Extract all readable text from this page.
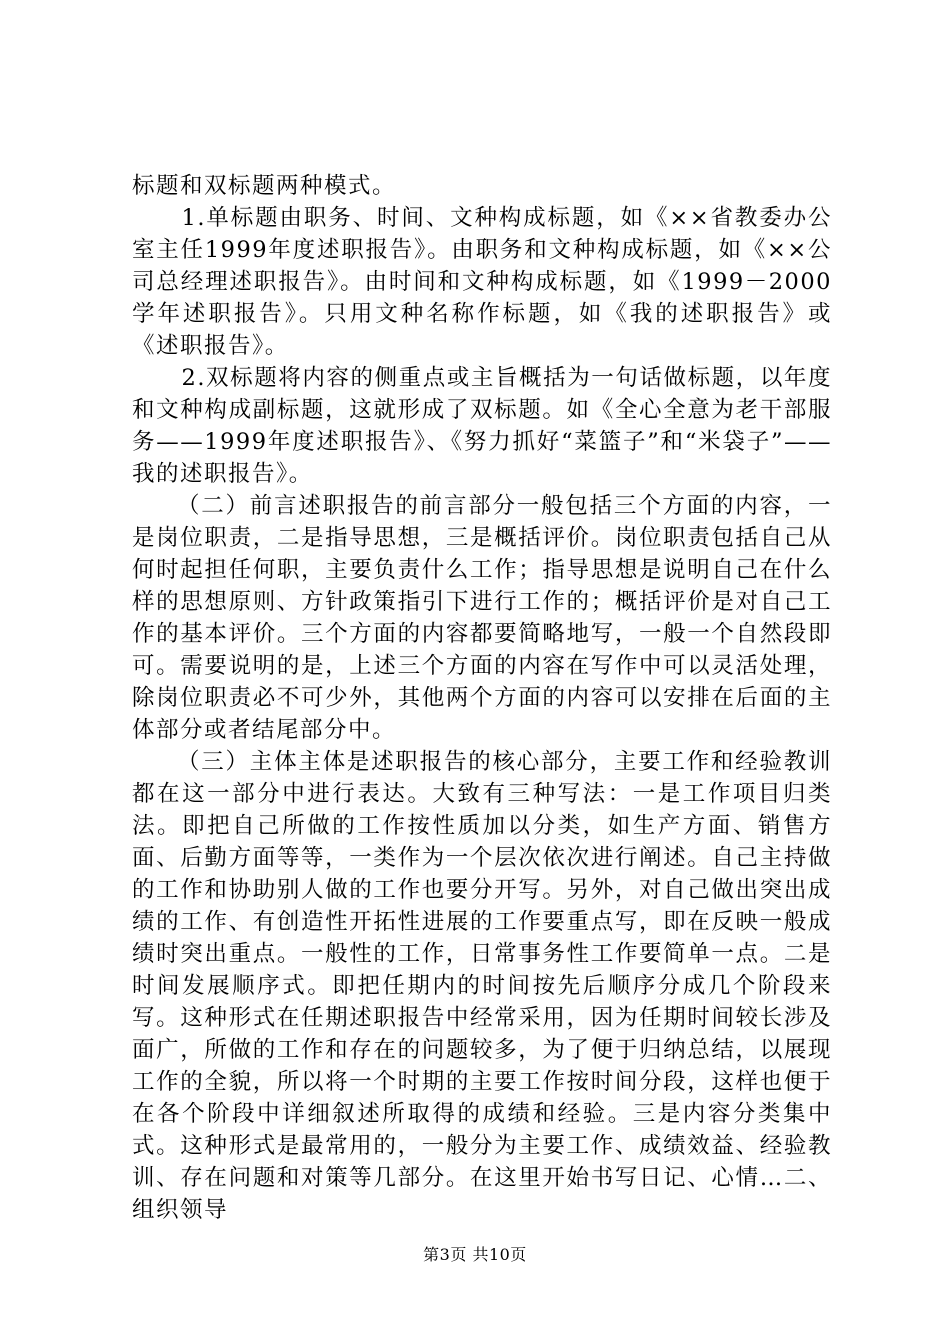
标题和双标题两种模式。

1.单标题由职务、时间、文种构成标题，如《××省教委办公室主任1999年度述职报告》。由职务和文种构成标题，如《××公司总经理述职报告》。由时间和文种构成标题，如《1999－2000学年述职报告》。只用文种名称作标题，如《我的述职报告》或《述职报告》。

2.双标题将内容的侧重点或主旨概括为一句话做标题，以年度和文种构成副标题，这就形成了双标题。如《全心全意为老干部服务——1999年度述职报告》、《努力抓好“菜篮子”和“米袋子”——我的述职报告》。

（二）前言述职报告的前言部分一般包括三个方面的内容，一是岗位职责，二是指导思想，三是概括评价。岗位职责包括自己从何时起担任何职，主要负责什么工作；指导思想是说明自己在什么样的思想原则、方针政策指引下进行工作的；概括评价是对自己工作的基本评价。三个方面的内容都要简略地写，一般一个自然段即可。需要说明的是，上述三个方面的内容在写作中可以灵活处理，除岗位职责必不可少外，其他两个方面的内容可以安排在后面的主体部分或者结尾部分中。

（三）主体主体是述职报告的核心部分，主要工作和经验教训都在这一部分中进行表达。大致有三种写法：一是工作项目归类法。即把自己所做的工作按性质加以分类，如生产方面、销售方面、后勤方面等等，一类作为一个层次依次进行阐述。自己主持做的工作和协助别人做的工作也要分开写。另外，对自己做出突出成绩的工作、有创造性开拓性进展的工作要重点写，即在反映一般成绩时突出重点。一般性的工作，日常事务性工作要简单一点。二是时间发展顺序式。即把任期内的时间按先后顺序分成几个阶段来写。这种形式在任期述职报告中经常采用，因为任期时间较长涉及面广，所做的工作和存在的问题较多，为了便于归纳总结，以展现工作的全貌，所以将一个时期的主要工作按时间分段，这样也便于在各个阶段中详细叙述所取得的成绩和经验。三是内容分类集中式。这种形式是最常用的，一般分为主要工作、成绩效益、经验教训、存在问题和对策等几部分。在这里开始书写日记、心情…二、组织领导

第3页 共10页
